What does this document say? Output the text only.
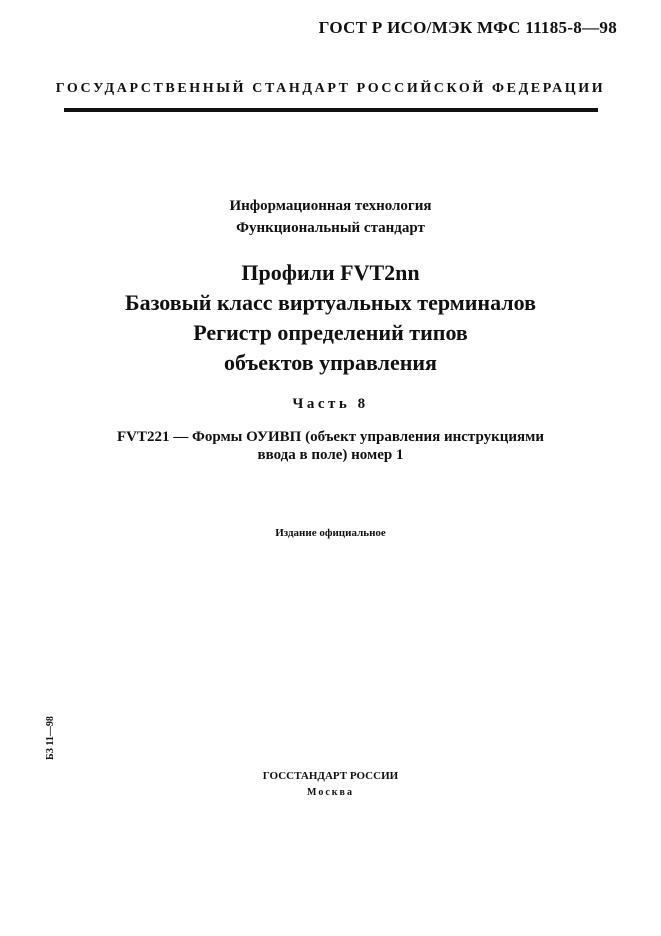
ГОСТ Р ИСО/МЭК МФС 11185-8—98
ГОСУДАРСТВЕННЫЙ СТАНДАРТ РОССИЙСКОЙ ФЕДЕРАЦИИ
Информационная технология
Функциональный стандарт
Профили FVT2nn
Базовый класс виртуальных терминалов
Регистр определений типов
объектов управления
Часть 8
FVT221 — Формы ОУИВП (объект управления инструкциями
ввода в поле) номер 1
Издание официальное
БЗ 11—98
ГОССТАНДАРТ РОССИИ
Москва
